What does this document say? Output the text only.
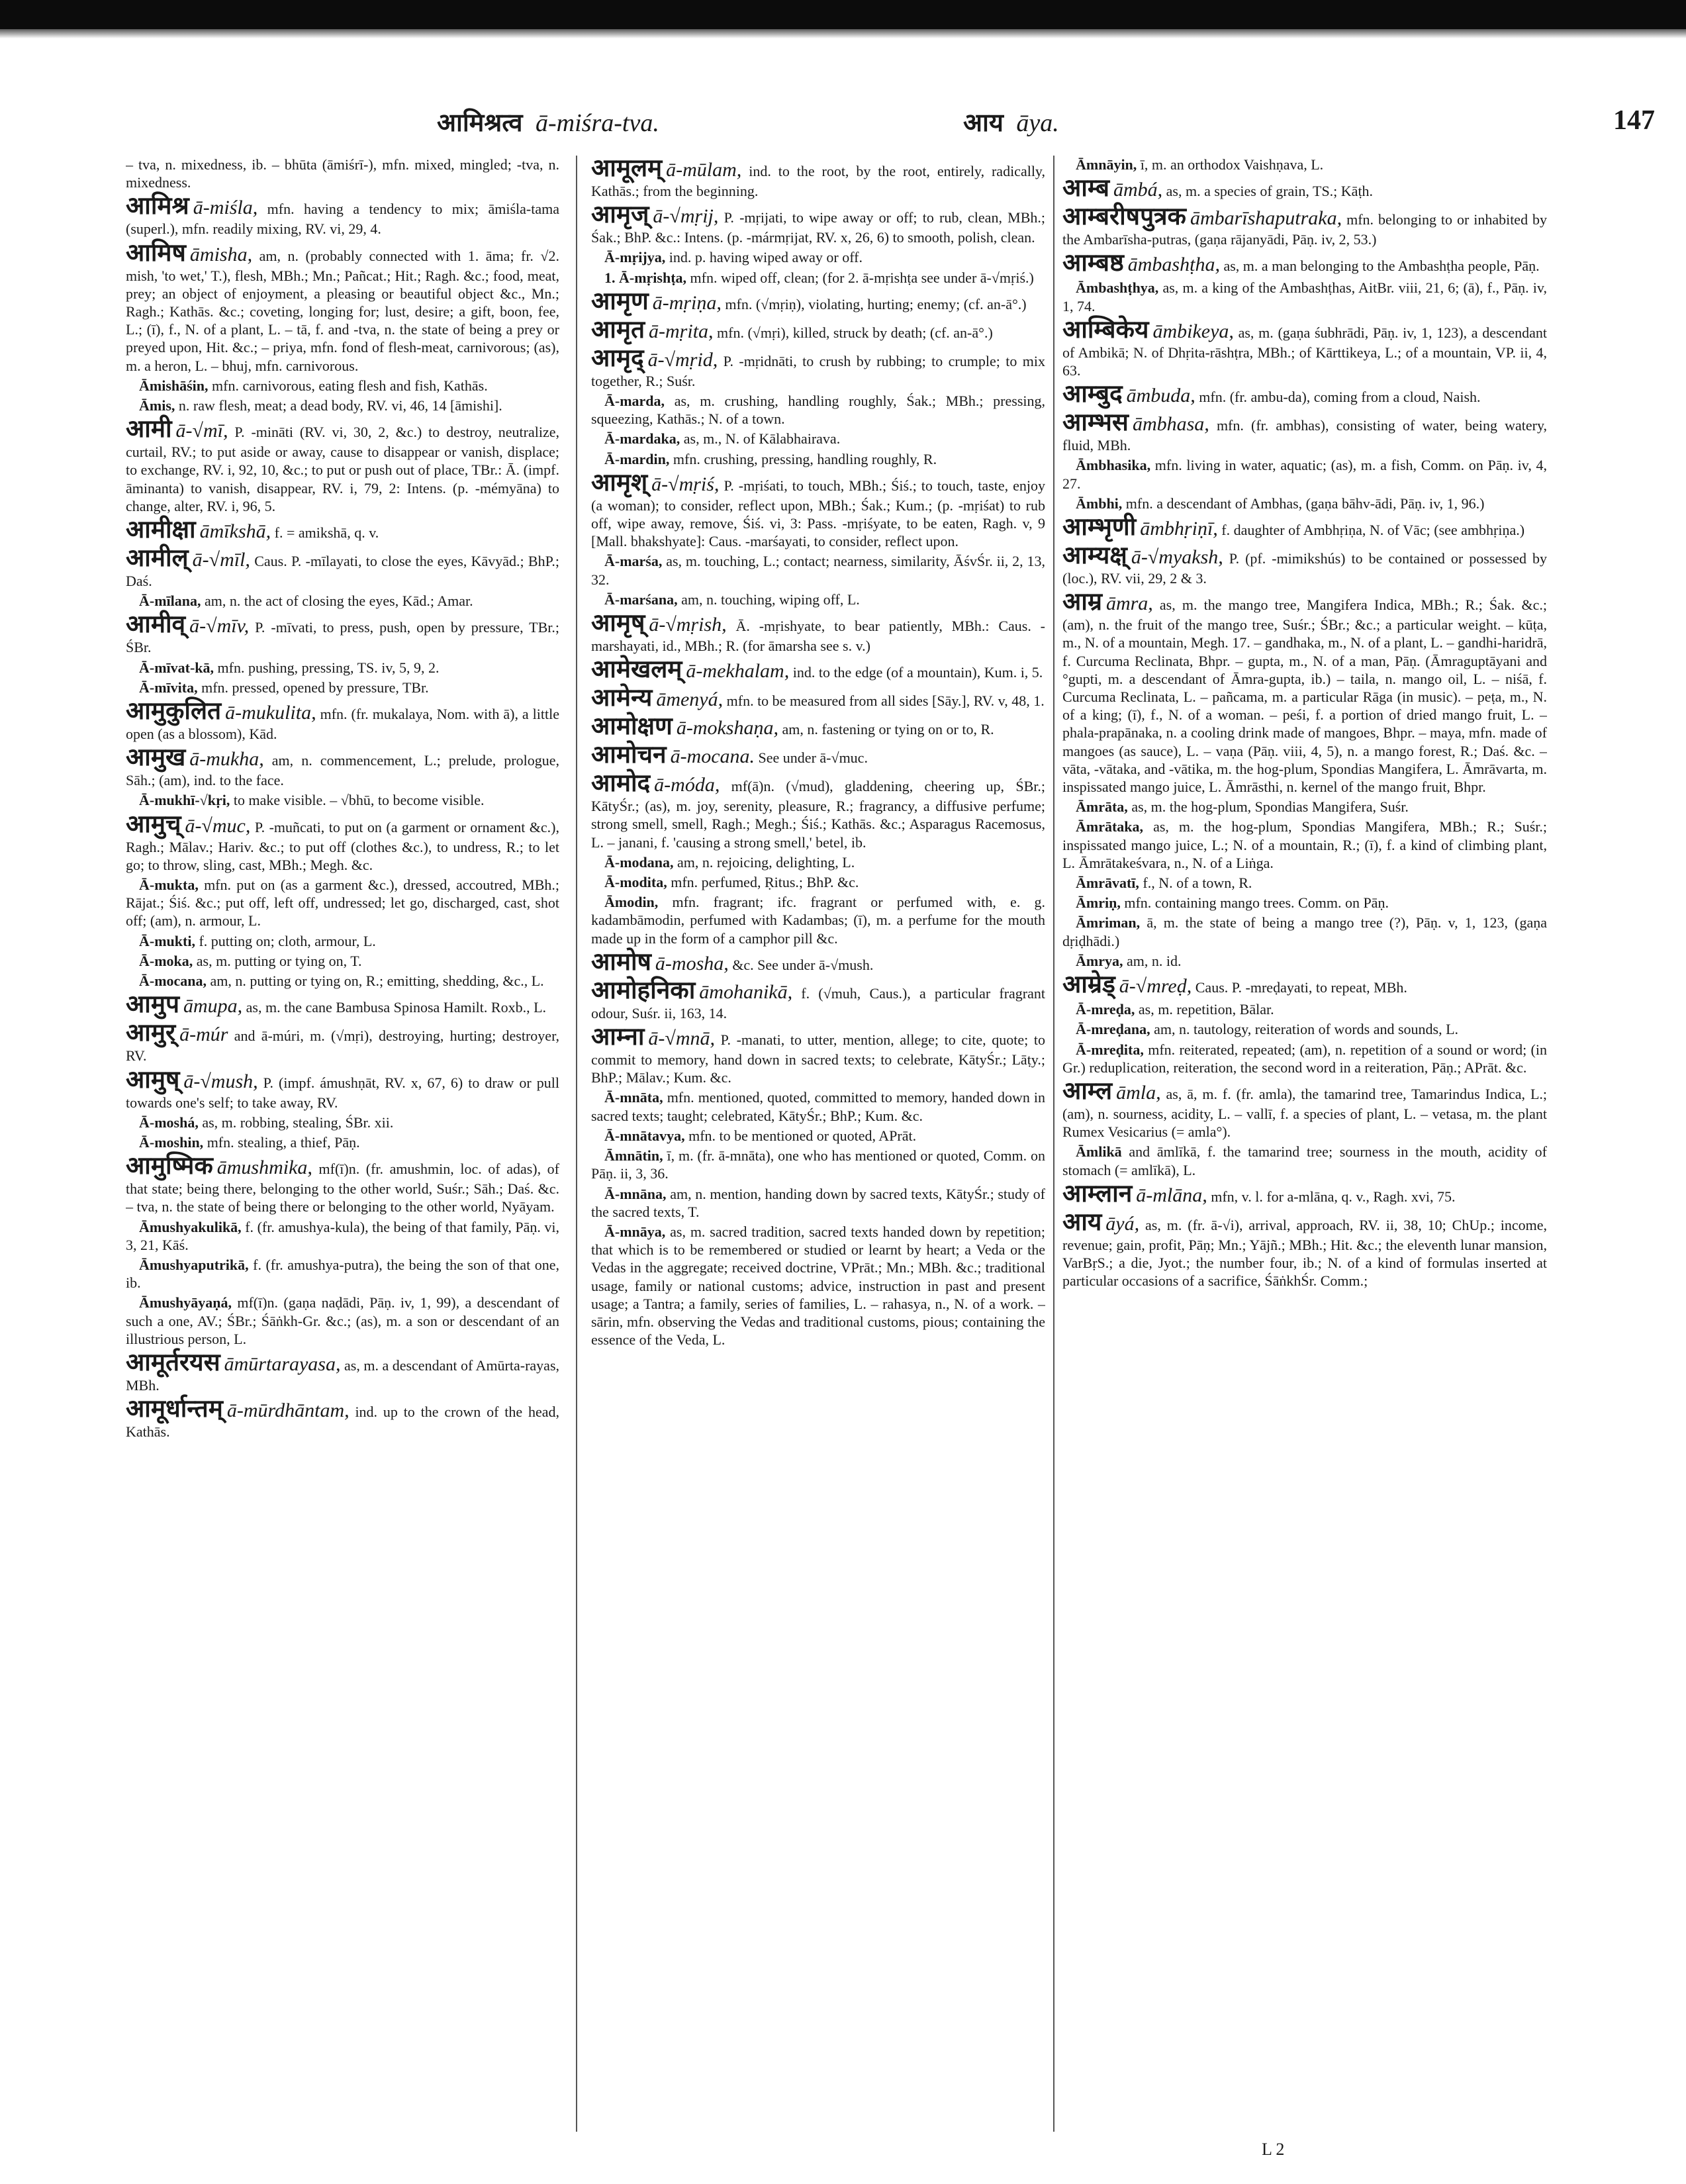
आमिश्रत्व ā-miśra-tva.	आय āya.	147

– tva, n. mixedness, ib. – bhūta (āmiśrī-), mfn. mixed, mingled; -tva, n. mixedness.

आमिश्र ā-miśla, mfn. having a tendency to mix; āmiśla-tama (superl.), mfn. readily mixing, RV. vi, 29, 4.

आमिष āmisha, am, n. (probably connected with 1. āma; fr. √2. mish, 'to wet,' T.), flesh, MBh.; Mn.; Pañcat.; Hit.; Ragh. &c.; food, meat, prey; an object of enjoyment, a pleasing or beautiful object &c., Mn.; Ragh.; Kathās. &c.; coveting, longing for; lust, desire; a gift, boon, fee, L.; (ī), f., N. of a plant, L. – tā, f. and -tva, n. the state of being a prey or preyed upon, Hit. &c.; – priya, mfn. fond of flesh-meat, carnivorous; (as), m. a heron, L. – bhuj, mfn. carnivorous.

Āmishāśin, mfn. carnivorous, eating flesh and fish, Kathās.

Āmis, n. raw flesh, meat; a dead body, RV. vi, 46, 14 [āmishi].

आमी ā-√mī, P. -mināti (RV. vi, 30, 2, &c.) to destroy, neutralize, curtail, RV.; to put aside or away, cause to disappear or vanish, displace; to exchange, RV. i, 92, 10, &c.; to put or push out of place, TBr.: Ā. (impf. āminanta) to vanish, disappear, RV. i, 79, 2: Intens. (p. -mémyāna) to change, alter, RV. i, 96, 5.

आमीक्षा āmīkshā, f. = amikshā, q. v.

आमील् ā-√mīl, Caus. P. -mīlayati, to close the eyes, Kāvyād.; BhP.; Daś.

Ā-mīlana, am, n. the act of closing the eyes, Kād.; Amar.

आमीव् ā-√mīv, P. -mīvati, to press, push, open by pressure, TBr.; ŚBr.

Ā-mīvat-kā, mfn. pushing, pressing, TS. iv, 5, 9, 2.

Ā-mīvita, mfn. pressed, opened by pressure, TBr.

आमुकुलित ā-mukulita, mfn. (fr. mukalaya, Nom. with ā), a little open (as a blossom), Kād.

आमुख ā-mukha, am, n. commencement, L.; prelude, prologue, Sāh.; (am), ind. to the face.

Ā-mukhī-√kṛi, to make visible. – √bhū, to become visible.

आमुच् ā-√muc, P. -muñcati, to put on (a garment or ornament &c.), Ragh.; Mālav.; Hariv. &c.; to put off (clothes &c.), to undress, R.; to let go; to throw, sling, cast, MBh.; Megh. &c.

Ā-mukta, mfn. put on (as a garment &c.), dressed, accoutred, MBh.; Rājat.; Śiś. &c.; put off, left off, undressed; let go, discharged, cast, shot off; (am), n. armour, L.

Ā-mukti, f. putting on; cloth, armour, L.

Ā-moka, as, m. putting or tying on, T.

Ā-mocana, am, n. putting or tying on, R.; emitting, shedding, &c., L.

आमुप āmupa, as, m. the cane Bambusa Spinosa Hamilt. Roxb., L.

आमुर् ā-múr and ā-múri, m. (√mṛi), destroying, hurting; destroyer, RV.

आमुष् ā-√mush, P. (impf. ámushṇāt, RV. x, 67, 6) to draw or pull towards one's self; to take away, RV.

Ā-moshá, as, m. robbing, stealing, ŚBr. xii.

Ā-moshin, mfn. stealing, a thief, Pāṇ.

आमुष्मिक āmushmika, mf(ī)n. (fr. amushmin, loc. of adas), of that state; being there, belonging to the other world, Suśr.; Sāh.; Daś. &c. – tva, n. the state of being there or belonging to the other world, Nyāyam.

Āmushyakulikā, f. (fr. amushya-kula), the being of that family, Pāṇ. vi, 3, 21, Kāś.

Āmushyaputrikā, f. (fr. amushya-putra), the being the son of that one, ib.

Āmushyāyaṇá, mf(ī)n. (gaṇa naḍādi, Pāṇ. iv, 1, 99), a descendant of such a one, AV.; ŚBr.; Śāṅkh-Gr. &c.; (as), m. a son or descendant of an illustrious person, L.

आमूर्तरयस āmūrtarayasa, as, m. a descendant of Amūrta-rayas, MBh.

आमूर्धान्तम् ā-mūrdhāntam, ind. up to the crown of the head, Kathās.

आमूलम् ā-mūlam, ind. to the root, by the root, entirely, radically, Kathās.; from the beginning.

आमृज् ā-√mṛij, P. -mṛijati, to wipe away or off; to rub, clean, MBh.; Śak.; BhP. &c.: Intens. (p. -mármṛijat, RV. x, 26, 6) to smooth, polish, clean.

Ā-mṛijya, ind. p. having wiped away or off.

1. Ā-mṛishṭa, mfn. wiped off, clean; (for 2. ā-mṛishṭa see under ā-√mṛiś.)

आमृण ā-mṛiṇa, mfn. (√mṛiṇ), violating, hurting; enemy; (cf. an-ā°.)

आमृत ā-mṛita, mfn. (√mṛi), killed, struck by death; (cf. an-ā°.)

आमृद् ā-√mṛid, P. -mṛidnāti, to crush by rubbing; to crumple; to mix together, R.; Suśr.

Ā-marda, as, m. crushing, handling roughly, Śak.; MBh.; pressing, squeezing, Kathās.; N. of a town.

Ā-mardaka, as, m., N. of Kālabhairava.

Ā-mardin, mfn. crushing, pressing, handling roughly, R.

आमृश् ā-√mṛiś, P. -mṛiśati, to touch, MBh.; Śiś.; to touch, taste, enjoy (a woman); to consider, reflect upon, MBh.; Śak.; Kum.; (p. -mṛiśat) to rub off, wipe away, remove, Śiś. vi, 3: Pass. -mṛiśyate, to be eaten, Ragh. v, 9 [Mall. bhakshyate]: Caus. -marśayati, to consider, reflect upon.

Ā-marśa, as, m. touching, L.; contact; nearness, similarity, ĀśvŚr. ii, 2, 13, 32.

Ā-marśana, am, n. touching, wiping off, L.

आमृष् ā-√mṛish, Ā. -mṛishyate, to bear patiently, MBh.: Caus. -marshayati, id., MBh.; R. (for āmarsha see s. v.)

आमेखलम् ā-mekhalam, ind. to the edge (of a mountain), Kum. i, 5.

आमेन्य āmenyá, mfn. to be measured from all sides [Sāy.], RV. v, 48, 1.

आमोक्षण ā-mokshaṇa, am, n. fastening or tying on or to, R.

आमोचन ā-mocana. See under ā-√muc.

आमोद ā-móda, mf(ā)n. (√mud), gladdening, cheering up, ŚBr.; KātyŚr.; (as), m. joy, serenity, pleasure, R.; fragrancy, a diffusive perfume; strong smell, smell, Ragh.; Megh.; Śiś.; Kathās. &c.; Asparagus Racemosus, L. – janani, f. 'causing a strong smell,' betel, ib.

Ā-modana, am, n. rejoicing, delighting, L.

Ā-modita, mfn. perfumed, Ṛitus.; BhP. &c.

Āmodin, mfn. fragrant; ifc. fragrant or perfumed with, e. g. kadambāmodin, perfumed with Kadambas; (ī), m. a perfume for the mouth made up in the form of a camphor pill &c.

आमोष ā-mosha, &c. See under ā-√mush.

आमोहनिका āmohanikā, f. (√muh, Caus.), a particular fragrant odour, Suśr. ii, 163, 14.

आम्ना ā-√mnā, P. -manati, to utter, mention, allege; to cite, quote; to commit to memory, hand down in sacred texts; to celebrate, KātyŚr.; Lāṭy.; BhP.; Mālav.; Kum. &c.

Ā-mnāta, mfn. mentioned, quoted, committed to memory, handed down in sacred texts; taught; celebrated, KātyŚr.; BhP.; Kum. &c.

Ā-mnātavya, mfn. to be mentioned or quoted, APrāt.

Āmnātin, ī, m. (fr. ā-mnāta), one who has mentioned or quoted, Comm. on Pāṇ. ii, 3, 36.

Ā-mnāna, am, n. mention, handing down by sacred texts, KātyŚr.; study of the sacred texts, T.

Ā-mnāya, as, m. sacred tradition, sacred texts handed down by repetition; that which is to be remembered or studied or learnt by heart; a Veda or the Vedas in the aggregate; received doctrine, VPrāt.; Mn.; MBh. &c.; traditional usage, family or national customs; advice, instruction in past and present usage; a Tantra; a family, series of families, L. – rahasya, n., N. of a work. – sārin, mfn. observing the Vedas and traditional customs, pious; containing the essence of the Veda, L.

Āmnāyin, ī, m. an orthodox Vaishṇava, L.

आम्ब āmbá, as, m. a species of grain, TS.; Kāṭh.

आम्बरीषपुत्रक āmbarīshaputraka, mfn. belonging to or inhabited by the Ambarīsha-putras, (gaṇa rājanyādi, Pāṇ. iv, 2, 53.)

आम्बष्ठ āmbashṭha, as, m. a man belonging to the Ambashṭha people, Pāṇ.

Āmbashṭhya, as, m. a king of the Ambashṭhas, AitBr. viii, 21, 6; (ā), f., Pāṇ. iv, 1, 74.

आम्बिकेय āmbikeya, as, m. (gaṇa śubhrādi, Pāṇ. iv, 1, 123), a descendant of Ambikā; N. of Dhṛita-rāshṭra, MBh.; of Kārttikeya, L.; of a mountain, VP. ii, 4, 63.

आम्बुद āmbuda, mfn. (fr. ambu-da), coming from a cloud, Naish.

आम्भस āmbhasa, mfn. (fr. ambhas), consisting of water, being watery, fluid, MBh.

Āmbhasika, mfn. living in water, aquatic; (as), m. a fish, Comm. on Pāṇ. iv, 4, 27.

Āmbhi, mfn. a descendant of Ambhas, (gaṇa bāhv-ādi, Pāṇ. iv, 1, 96.)

आम्भृणी āmbhṛiṇī, f. daughter of Ambhṛiṇa, N. of Vāc; (see ambhṛiṇa.)

आम्यक्ष् ā-√myaksh, P. (pf. -mimikshús) to be contained or possessed by (loc.), RV. vii, 29, 2 & 3.

आम्र āmra, as, m. the mango tree, Mangifera Indica, MBh.; R.; Śak. &c.; (am), n. the fruit of the mango tree, Suśr.; ŚBr.; &c.; a particular weight. – kūṭa, m., N. of a mountain, Megh. 17. – gandhaka, m., N. of a plant, L. – gandhi-haridrā, f. Curcuma Reclinata, Bhpr. – gupta, m., N. of a man, Pāṇ. (Āmraguptāyani and °gupti, m. a descendant of Āmra-gupta, ib.) – taila, n. mango oil, L. – niśā, f. Curcuma Reclinata, L. – pañcama, m. a particular Rāga (in music). – peṭa, m., N. of a king; (ī), f., N. of a woman. – peśi, f. a portion of dried mango fruit, L. – phala-prapānaka, n. a cooling drink made of mangoes, Bhpr. – maya, mfn. made of mangoes (as sauce), L. – vaṇa (Pāṇ. viii, 4, 5), n. a mango forest, R.; Daś. &c. – vāta, -vātaka, and -vātika, m. the hog-plum, Spondias Mangifera, L. Āmrāvarta, m. inspissated mango juice, L. Āmrāsthi, n. kernel of the mango fruit, Bhpr.

Āmrāta, as, m. the hog-plum, Spondias Mangifera, Suśr.

Āmrātaka, as, m. the hog-plum, Spondias Mangifera, MBh.; R.; Suśr.; inspissated mango juice, L.; N. of a mountain, R.; (ī), f. a kind of climbing plant, L. Āmrātakeśvara, n., N. of a Liṅga.

Āmrāvatī, f., N. of a town, R.

Āmriṇ, mfn. containing mango trees. Comm. on Pāṇ.

Āmriman, ā, m. the state of being a mango tree (?), Pāṇ. v, 1, 123, (gaṇa dṛiḍhādi.)

Āmrya, am, n. id.

आम्रेड् ā-√mreḍ, Caus. P. -mreḍayati, to repeat, MBh.

Ā-mreḍa, as, m. repetition, Bālar.

Ā-mreḍana, am, n. tautology, reiteration of words and sounds, L.

Ā-mreḍita, mfn. reiterated, repeated; (am), n. repetition of a sound or word; (in Gr.) reduplication, reiteration, the second word in a reiteration, Pāṇ.; APrāt. &c.

आम्ल āmla, as, ā, m. f. (fr. amla), the tamarind tree, Tamarindus Indica, L.; (am), n. sourness, acidity, L. – vallī, f. a species of plant, L. – vetasa, m. the plant Rumex Vesicarius (= amla°).

Āmlikā and āmlīkā, f. the tamarind tree; sourness in the mouth, acidity of stomach (= amlīkā), L.

आम्लान ā-mlāna, mfn, v. l. for a-mlāna, q. v., Ragh. xvi, 75.

आय āyá, as, m. (fr. ā-√i), arrival, approach, RV. ii, 38, 10; ChUp.; income, revenue; gain, profit, Pāṇ; Mn.; Yājñ.; MBh.; Hit. &c.; the eleventh lunar mansion, VarBṛS.; a die, Jyot.; the number four, ib.; N. of a kind of formulas inserted at particular occasions of a sacrifice, ŚāṅkhŚr. Comm.;

L 2
